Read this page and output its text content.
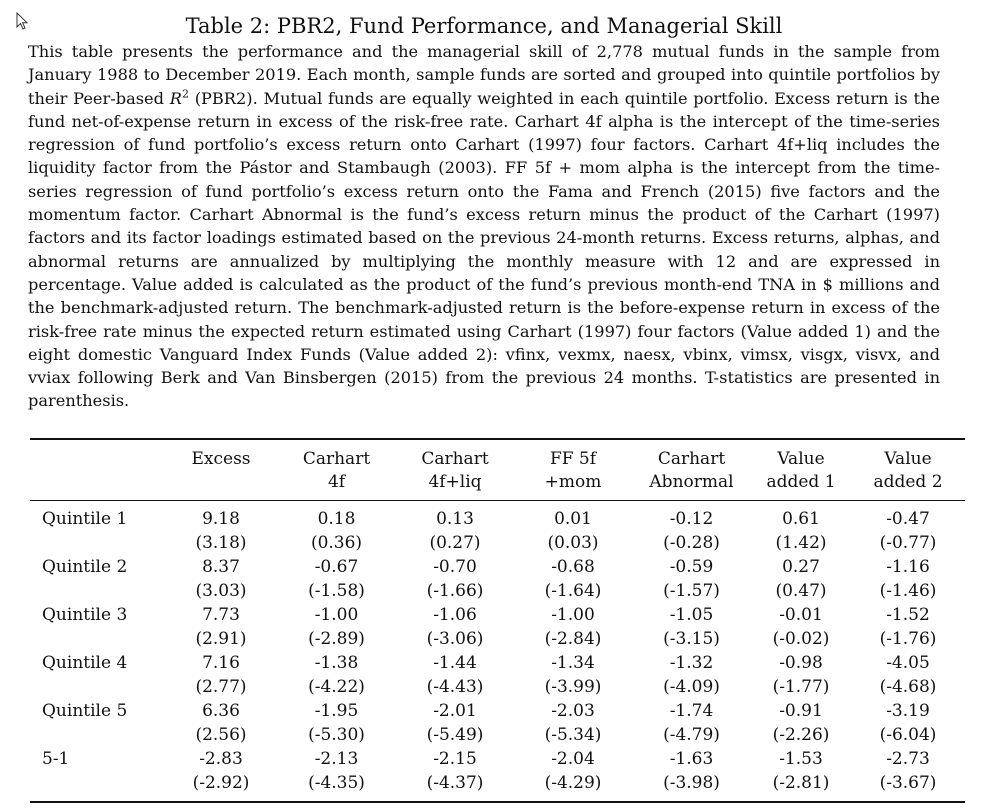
Table 2: PBR2, Fund Performance, and Managerial Skill
This table presents the performance and the managerial skill of 2,778 mutual funds in the sample from January 1988 to December 2019. Each month, sample funds are sorted and grouped into quintile portfolios by their Peer-based $R^2$ (PBR2). Mutual funds are equally weighted in each quintile portfolio. Excess return is the fund net-of-expense return in excess of the risk-free rate. Carhart 4f alpha is the intercept of the time-series regression of fund portfolio’s excess return onto Carhart (1997) four factors. Carhart 4f+liq includes the liquidity factor from the Pástor and Stambaugh (2003). FF 5f + mom alpha is the intercept from the time-series regression of fund portfolio’s excess return onto the Fama and French (2015) five factors and the momentum factor. Carhart Abnormal is the fund’s excess return minus the product of the Carhart (1997) factors and its factor loadings estimated based on the previous 24-month returns. Excess returns, alphas, and abnormal returns are annualized by multiplying the monthly measure with 12 and are expressed in percentage. Value added is calculated as the product of the fund’s previous month-end TNA in $ millions and the benchmark-adjusted return. The benchmark-adjusted return is the before-expense return in excess of the risk-free rate minus the expected return estimated using Carhart (1997) four factors (Value added 1) and the eight domestic Vanguard Index Funds (Value added 2): vfinx, vexmx, naesx, vbinx, vimsx, visgx, visvx, and vviax following Berk and Van Binsbergen (2015) from the previous 24 months. T-statistics are presented in parenthesis.
	Excess	Carhart	Carhart	FF 5f	Carhart	Value	Value
		4f	4f+liq	+mom	Abnormal	added 1	added 2
Quintile 1	9.18	0.18	0.13	0.01	-0.12	0.61	-0.47
	(3.18)	(0.36)	(0.27)	(0.03)	(-0.28)	(1.42)	(-0.77)
Quintile 2	8.37	-0.67	-0.70	-0.68	-0.59	0.27	-1.16
	(3.03)	(-1.58)	(-1.66)	(-1.64)	(-1.57)	(0.47)	(-1.46)
Quintile 3	7.73	-1.00	-1.06	-1.00	-1.05	-0.01	-1.52
	(2.91)	(-2.89)	(-3.06)	(-2.84)	(-3.15)	(-0.02)	(-1.76)
Quintile 4	7.16	-1.38	-1.44	-1.34	-1.32	-0.98	-4.05
	(2.77)	(-4.22)	(-4.43)	(-3.99)	(-4.09)	(-1.77)	(-4.68)
Quintile 5	6.36	-1.95	-2.01	-2.03	-1.74	-0.91	-3.19
	(2.56)	(-5.30)	(-5.49)	(-5.34)	(-4.79)	(-2.26)	(-6.04)
5-1	-2.83	-2.13	-2.15	-2.04	-1.63	-1.53	-2.73
	(-2.92)	(-4.35)	(-4.37)	(-4.29)	(-3.98)	(-2.81)	(-3.67)
